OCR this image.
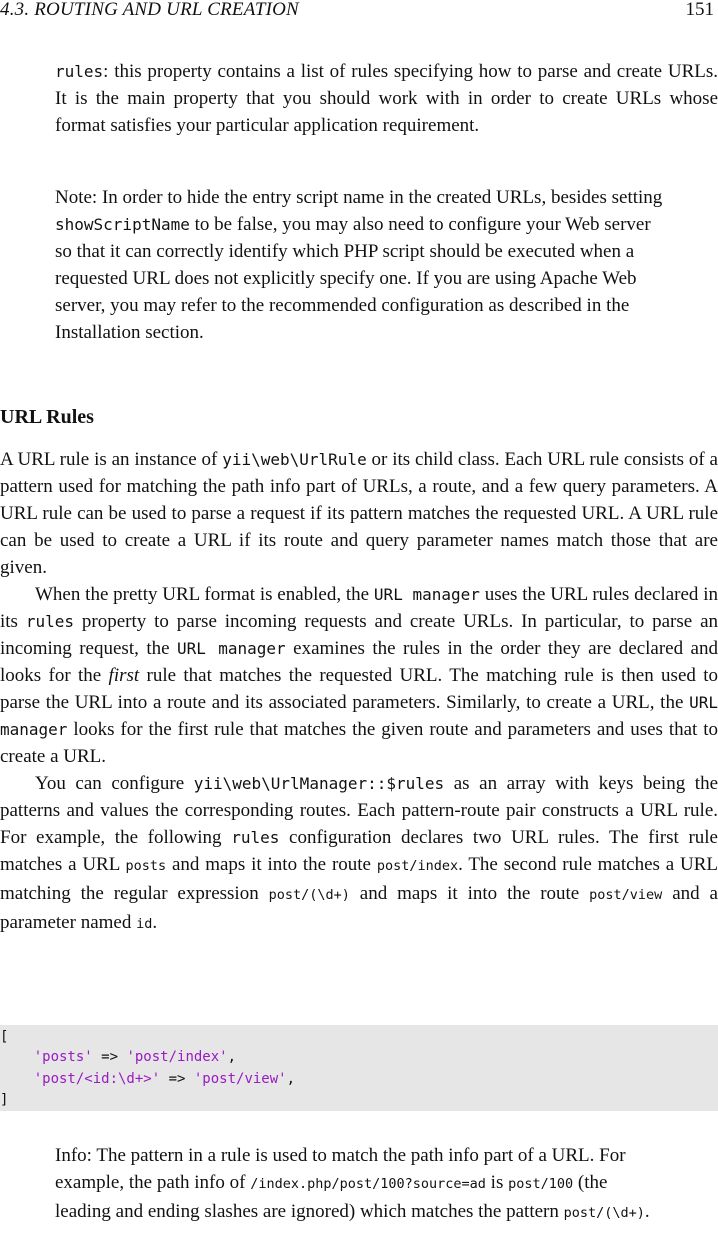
4.3. ROUTING AND URL CREATION	151

rules: this property contains a list of rules specifying how to parse and create URLs. It is the main property that you should work with in order to create URLs whose format satisfies your particular application requirement.

Note: In order to hide the entry script name in the created URLs, besides setting showScriptName to be false, you may also need to configure your Web server so that it can correctly identify which PHP script should be executed when a requested URL does not explicitly specify one. If you are using Apache Web server, you may refer to the recommended configuration as described in the Installation section.

URL Rules

A URL rule is an instance of yii\web\UrlRule or its child class. Each URL rule consists of a pattern used for matching the path info part of URLs, a route, and a few query parameters. A URL rule can be used to parse a request if its pattern matches the requested URL. A URL rule can be used to create a URL if its route and query parameter names match those that are given.

When the pretty URL format is enabled, the URL manager uses the URL rules declared in its rules property to parse incoming requests and create URLs. In particular, to parse an incoming request, the URL manager examines the rules in the order they are declared and looks for the first rule that matches the requested URL. The matching rule is then used to parse the URL into a route and its associated parameters. Similarly, to create a URL, the URL manager looks for the first rule that matches the given route and parameters and uses that to create a URL.

You can configure yii\web\UrlManager::$rules as an array with keys being the patterns and values the corresponding routes. Each pattern-route pair constructs a URL rule. For example, the following rules configuration declares two URL rules. The first rule matches a URL posts and maps it into the route post/index. The second rule matches a URL matching the regular expression post/(\d+) and maps it into the route post/view and a parameter named id.

[
'posts' => 'post/index',
'post/<id:\d+>' => 'post/view',
]

Info: The pattern in a rule is used to match the path info part of a URL. For example, the path info of /index.php/post/100?source=ad is post/100 (the leading and ending slashes are ignored) which matches the pattern post/(\d+).
